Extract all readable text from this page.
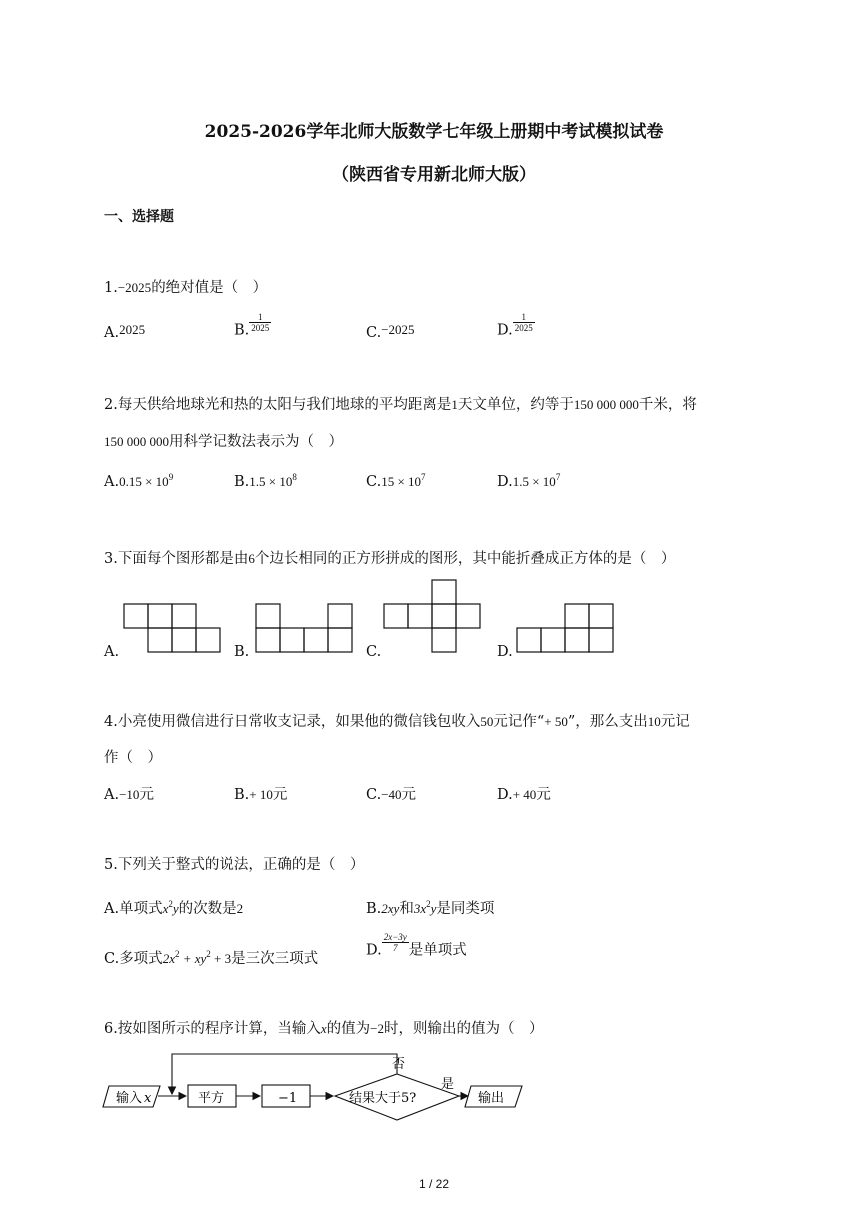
2025-2026学年北师大版数学七年级上册期中考试模拟试卷
（陕西省专用新北师大版）
一、选择题
1.−2025的绝对值是（　）
A.2025	B. $\frac{1}{2025}$	C.−2025	D. $\frac{1}{2025}$
2.每天供给地球光和热的太阳与我们地球的平均距离是1天文单位，约等于150 000 000千米，将
150 000 000用科学记数法表示为（　）
$A.0.15 \times 10^9$	$B.1.5 \times 10^8$	$C.15 \times 10^7$	$D.1.5 \times 10^7$
3.下面每个图形都是由6个边长相同的正方形拼成的图形，其中能折叠成正方体的是（　）
A.	B.	C.	D.
4.小亮使用微信进行日常收支记录，如果他的微信钱包收入50元记作“+ 50”，那么支出10元记
作（　）
A.−10元	B.+ 10元	C.−40元	D.+ 40元
5.下列关于整式的说法，正确的是（　）
A.单项式$x^2y$的次数是2	B.2xy和$3x^2y$是同类项
C.多项式$2x^2 + xy^2 + 3$是三次三项式
D. $\frac{2x-3y}{7}$ 是单项式
6.按如图所示的程序计算，当输入x的值为−2时，则输出的值为（　）
输入 x	平方	−1	结果大于5?
否
是
输出
1 / 22
